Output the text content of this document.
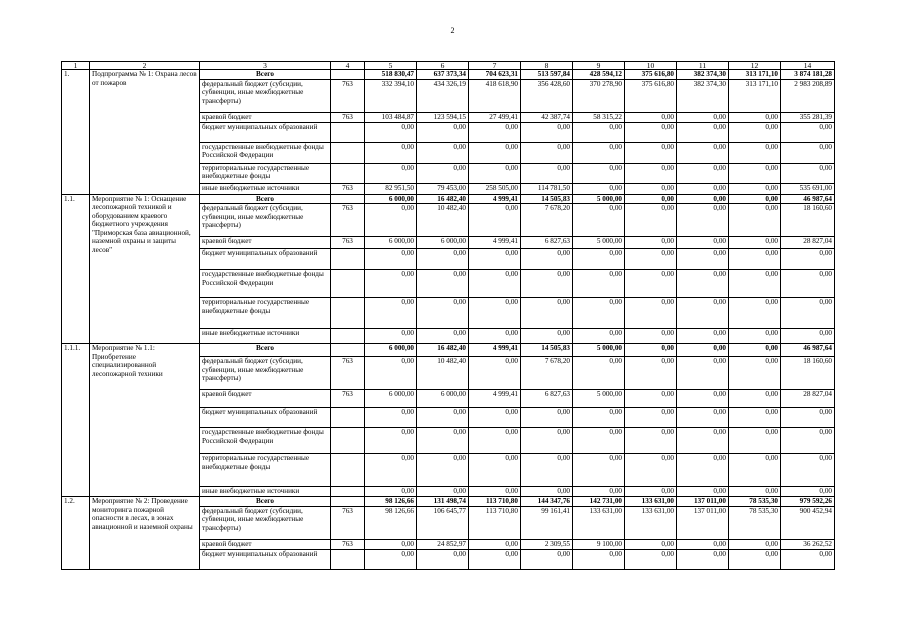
2
1	2	3	4	5	6	7	8	9	10	11	12	14
1.	Подпрограмма № 1: Охрана лесов от пожаров	Всего		518 830,47	637 373,34	704 623,31	513 597,84	428 594,12	375 616,80	382 374,30	313 171,10	3 874 181,28
		федеральный бюджет (субсидии, субвенции, иные межбюджетные трансферты)	763	332 394,10	434 326,19	418 618,90	356 428,60	370 278,90	375 616,80	382 374,30	313 171,10	2 983 208,89
		краевой бюджет	763	103 484,87	123 594,15	27 499,41	42 387,74	58 315,22	0,00	0,00	0,00	355 281,39
		бюджет муниципальных образований		0,00	0,00	0,00	0,00	0,00	0,00	0,00	0,00	0,00
		государственные внебюджетные фонды Российской Федерации		0,00	0,00	0,00	0,00	0,00	0,00	0,00	0,00	0,00
		территориальные государственные внебюджетные фонды		0,00	0,00	0,00	0,00	0,00	0,00	0,00	0,00	0,00
		иные внебюджетные источники	763	82 951,50	79 453,00	258 505,00	114 781,50	0,00	0,00	0,00	0,00	535 691,00
1.1.	Мероприятие № 1: Оснащение лесопожарной техникой и оборудованием краевого бюджетного учреждения "Приморская база авиационной, наземной охраны и защиты лесов"	Всего		6 000,00	16 482,40	4 999,41	14 505,83	5 000,00	0,00	0,00	0,00	46 987,64
		федеральный бюджет (субсидии, субвенции, иные межбюджетные трансферты)	763	0,00	10 482,40	0,00	7 678,20	0,00	0,00	0,00	0,00	18 160,60
		краевой бюджет	763	6 000,00	6 000,00	4 999,41	6 827,63	5 000,00	0,00	0,00	0,00	28 827,04
		бюджет муниципальных образований		0,00	0,00	0,00	0,00	0,00	0,00	0,00	0,00	0,00
		государственные внебюджетные фонды Российской Федерации		0,00	0,00	0,00	0,00	0,00	0,00	0,00	0,00	0,00
		территориальные государственные внебюджетные фонды		0,00	0,00	0,00	0,00	0,00	0,00	0,00	0,00	0,00
		иные внебюджетные источники		0,00	0,00	0,00	0,00	0,00	0,00	0,00	0,00	0,00
1.1.1.	Мероприятие № 1.1: Приобретение специализированной лесопожарной техники	Всего		6 000,00	16 482,40	4 999,41	14 505,83	5 000,00	0,00	0,00	0,00	46 987,64
		федеральный бюджет (субсидии, субвенции, иные межбюджетные трансферты)	763	0,00	10 482,40	0,00	7 678,20	0,00	0,00	0,00	0,00	18 160,60
		краевой бюджет	763	6 000,00	6 000,00	4 999,41	6 827,63	5 000,00	0,00	0,00	0,00	28 827,04
		бюджет муниципальных образований		0,00	0,00	0,00	0,00	0,00	0,00	0,00	0,00	0,00
		государственные внебюджетные фонды Российской Федерации		0,00	0,00	0,00	0,00	0,00	0,00	0,00	0,00	0,00
		территориальные государственные внебюджетные фонды		0,00	0,00	0,00	0,00	0,00	0,00	0,00	0,00	0,00
		иные внебюджетные источники		0,00	0,00	0,00	0,00	0,00	0,00	0,00	0,00	0,00
1.2.	Мероприятие № 2: Проведение мониторинга пожарной опасности в лесах, в зонах авиационной и наземной охраны	Всего		98 126,66	131 498,74	113 710,80	144 347,76	142 731,00	133 631,00	137 011,00	78 535,30	979 592,26
		федеральный бюджет (субсидии, субвенции, иные межбюджетные трансферты)	763	98 126,66	106 645,77	113 710,80	99 161,41	133 631,00	133 631,00	137 011,00	78 535,30	900 452,94
		краевой бюджет	763	0,00	24 852,97	0,00	2 309,55	9 100,00	0,00	0,00	0,00	36 262,52
		бюджет муниципальных образований		0,00	0,00	0,00	0,00	0,00	0,00	0,00	0,00	0,00
